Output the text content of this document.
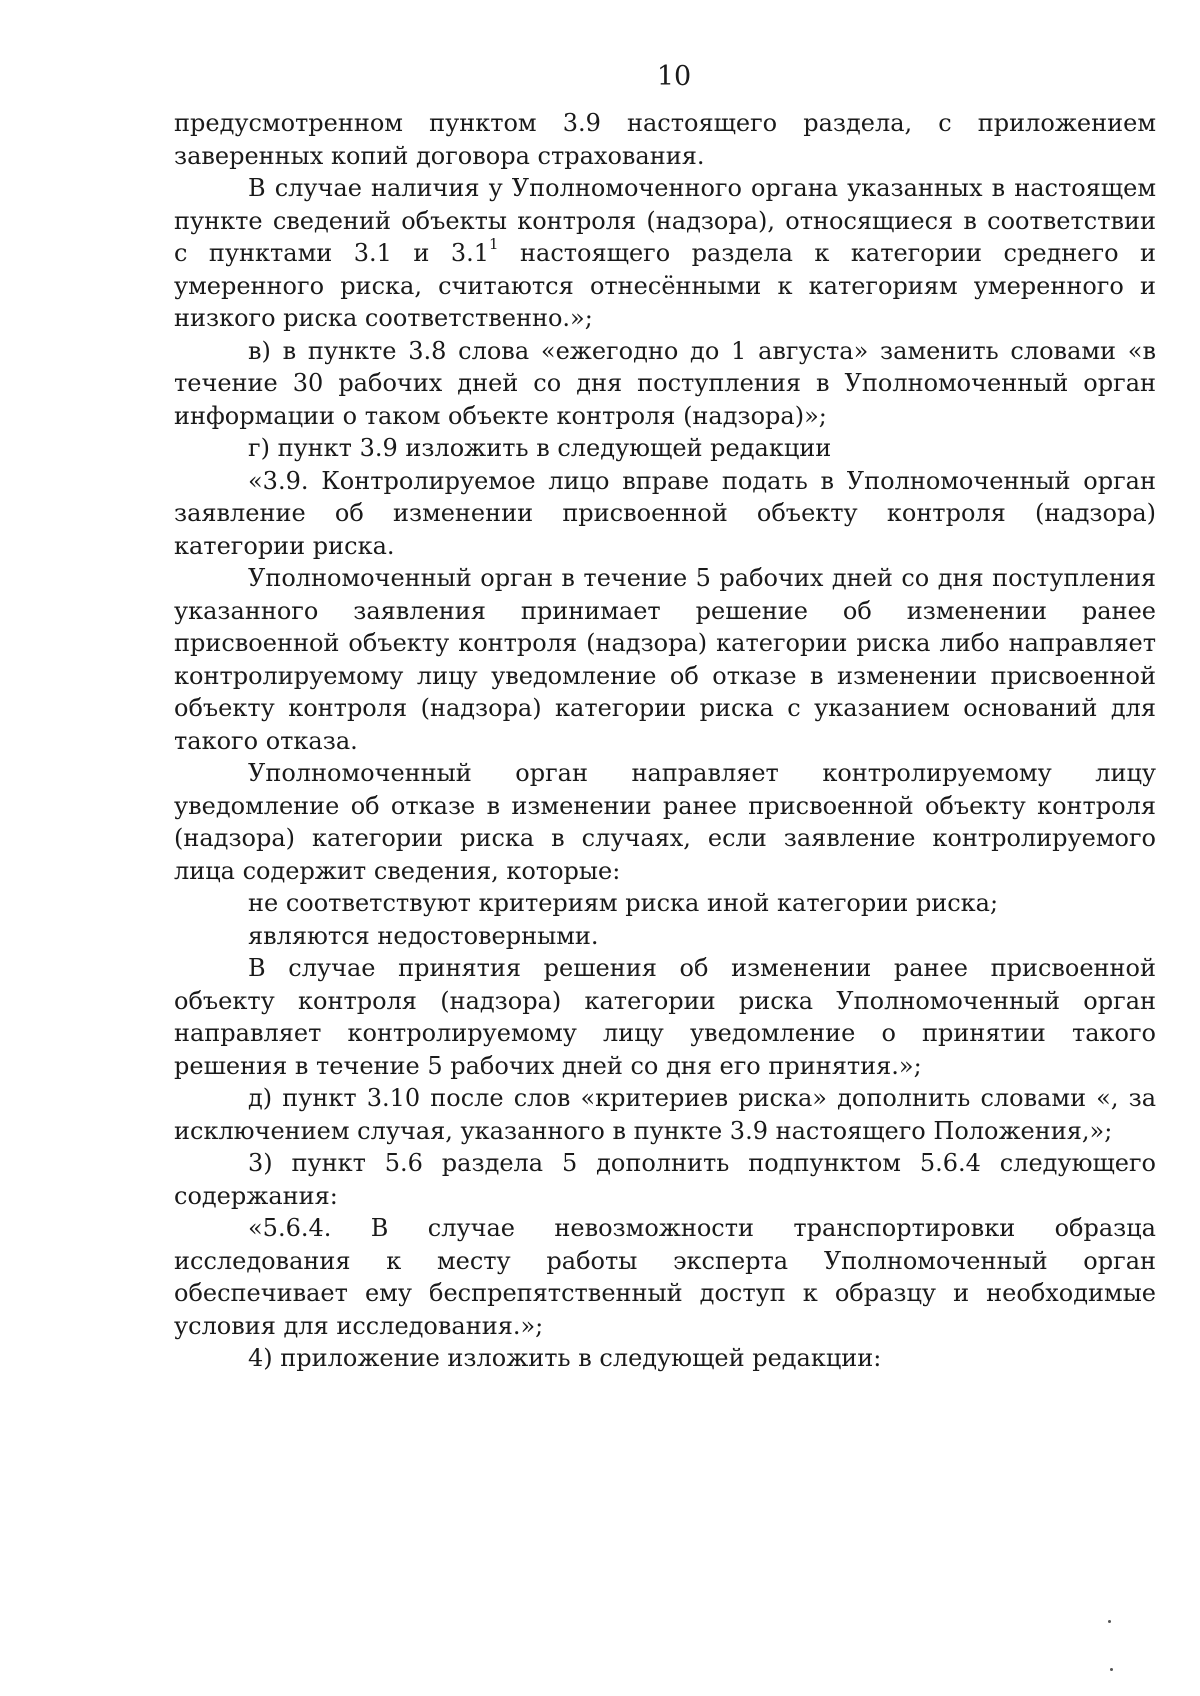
10

предусмотренном пунктом 3.9 настоящего раздела, с приложением заверенных копий договора страхования.

В случае наличия у Уполномоченного органа указанных в настоящем пункте сведений объекты контроля (надзора), относящиеся в соответствии с пунктами 3.1 и $3.1^1$ настоящего раздела к категории среднего и умеренного риска, считаются отнесёнными к категориям умеренного и низкого риска соответственно.»;

в) в пункте 3.8 слова «ежегодно до 1 августа» заменить словами «в течение 30 рабочих дней со дня поступления в Уполномоченный орган информации о таком объекте контроля (надзора)»;

г) пункт 3.9 изложить в следующей редакции

«3.9. Контролируемое лицо вправе подать в Уполномоченный орган заявление об изменении присвоенной объекту контроля (надзора) категории риска.

Уполномоченный орган в течение 5 рабочих дней со дня поступления указанного заявления принимает решение об изменении ранее присвоенной объекту контроля (надзора) категории риска либо направляет контролируемому лицу уведомление об отказе в изменении присвоенной объекту контроля (надзора) категории риска с указанием оснований для такого отказа.

Уполномоченный орган направляет контролируемому лицу уведомление об отказе в изменении ранее присвоенной объекту контроля (надзора) категории риска в случаях, если заявление контролируемого лица содержит сведения, которые:

не соответствуют критериям риска иной категории риска;

являются недостоверными.

В случае принятия решения об изменении ранее присвоенной объекту контроля (надзора) категории риска Уполномоченный орган направляет контролируемому лицу уведомление о принятии такого решения в течение 5 рабочих дней со дня его принятия.»;

д) пункт 3.10 после слов «критериев риска» дополнить словами «, за исключением случая, указанного в пункте 3.9 настоящего Положения,»;

3) пункт 5.6 раздела 5 дополнить подпунктом 5.6.4 следующего содержания:

«5.6.4. В случае невозможности транспортировки образца исследования к месту работы эксперта Уполномоченный орган обеспечивает ему беспрепятственный доступ к образцу и необходимые условия для исследования.»;

4) приложение изложить в следующей редакции:
